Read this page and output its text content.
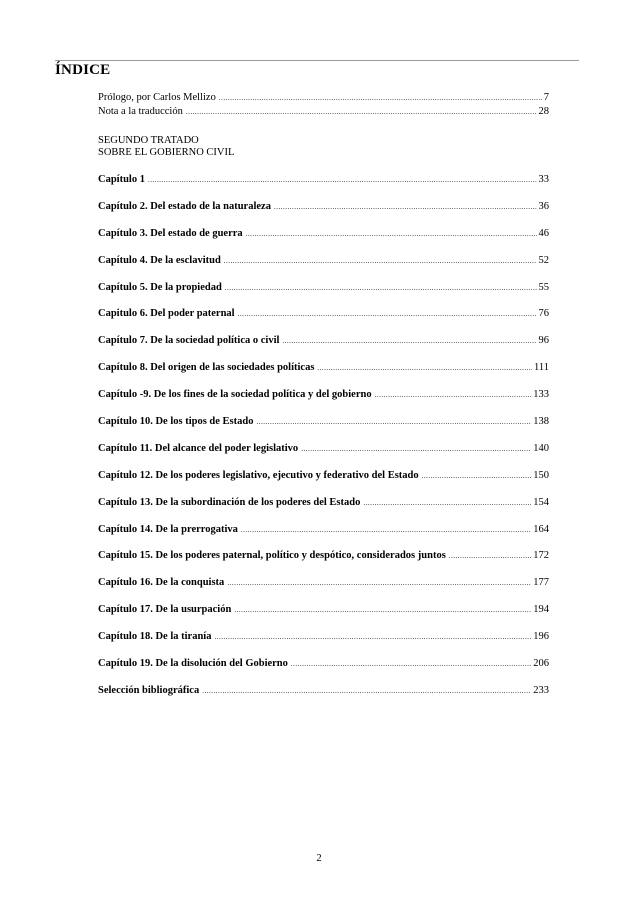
ÍNDICE
Prólogo, por Carlos Mellizo .....	7
Nota a la traducción .....	28
SEGUNDO TRATADO
SOBRE EL GOBIERNO CIVIL
Capítulo 1 .....	33
Capítulo 2. Del estado de la naturaleza .....	36
Capítulo 3. Del estado de guerra .....	46
Capítulo 4. De la esclavitud .....	52
Capítulo 5. De la propiedad .....	55
Capitulo 6. Del poder paternal .....	76
Capítulo 7. De la sociedad política o civil .....	96
Capítulo 8. Del origen de las sociedades políticas .....	111
Capítulo -9. De los fines de la sociedad política y del gobierno .....	133
Capítulo 10. De los tipos de Estado .....	138
Capítulo 11. Del alcance del poder legislativo .....	140
Capítulo 12. De los poderes legislativo, ejecutivo y federativo del Estado .....	150
Capítulo 13. De la subordinación de los poderes del Estado .....	154
Capítulo 14. De la prerrogativa .....	164
Capítulo 15. De los poderes paternal, político y despótico, considerados juntos .....	172
Capítulo 16. De la conquista .....	177
Capítulo 17. De la usurpación .....	194
Capítulo 18. De la tiranía .....	196
Capítulo 19. De la disolución del Gobierno .....	206
Selección bibliográfica .....	233
2
